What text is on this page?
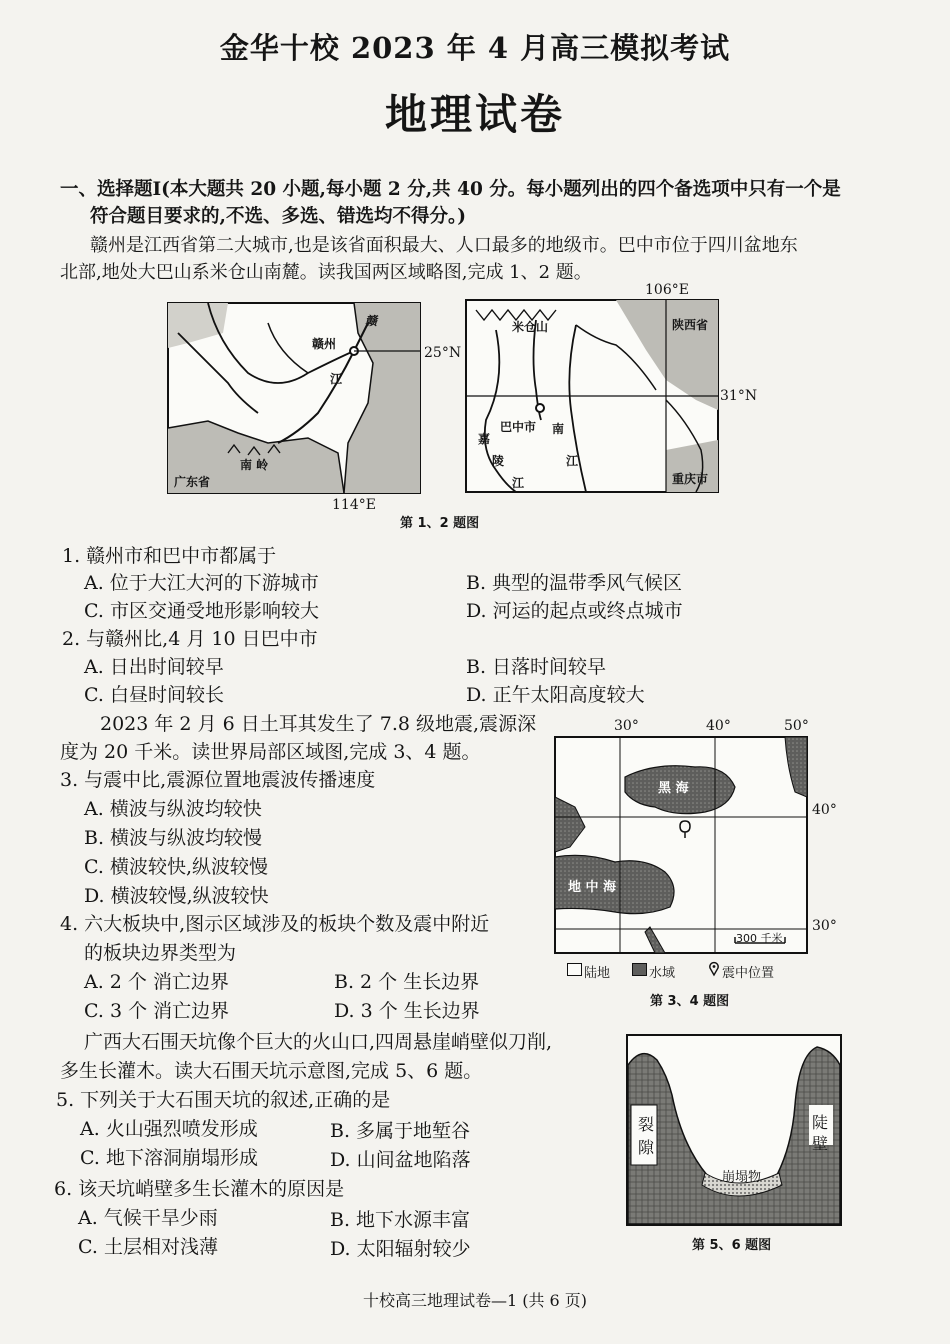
金华十校 2023 年 4 月高三模拟考试
地理试卷
一、选择题Ⅰ(本大题共 20 小题,每小题 2 分,共 40 分。每小题列出的四个备选项中只有一个是
符合题目要求的,不选、多选、错选均不得分。)
赣州是江西省第二大城市,也是该省面积最大、人口最多的地级市。巴中市位于四川盆地东
北部,地处大巴山系米仓山南麓。读我国两区域略图,完成 1、2 题。
赣州
赣
江
南 岭
广东省
25°N
114°E
米仓山	陕西省
巴中市
嘉
陵
江
南
江
重庆市
31°N
106°E
第 1、2 题图
1. 赣州市和巴中市都属于
A. 位于大江大河的下游城市	B. 典型的温带季风气候区
C. 市区交通受地形影响较大	D. 河运的起点或终点城市
2. 与赣州比,4 月 10 日巴中市
A. 日出时间较早	B. 日落时间较早
C. 白昼时间较长	D. 正午太阳高度较大
2023 年 2 月 6 日土耳其发生了 7.8 级地震,震源深
度为 20 千米。读世界局部区域图,完成 3、4 题。
3. 与震中比,震源位置地震波传播速度
A. 横波与纵波均较快
B. 横波与纵波均较慢
C. 横波较快,纵波较慢
D. 横波较慢,纵波较快
4. 六大板块中,图示区域涉及的板块个数及震中附近
的板块边界类型为
A. 2 个 消亡边界	B. 2 个 生长边界
C. 3 个 消亡边界	D. 3 个 生长边界
30°	40°	50°
40°
30°
黑 海
地 中 海
300 千米
陆地	水域	震中位置
第 3、4 题图
广西大石围天坑像个巨大的火山口,四周悬崖峭壁似刀削,
多生长灌木。读大石围天坑示意图,完成 5、6 题。
5. 下列关于大石围天坑的叙述,正确的是
A. 火山强烈喷发形成	B. 多属于地堑谷
C. 地下溶洞崩塌形成	D. 山间盆地陷落
6. 该天坑峭壁多生长灌木的原因是
A. 气候干旱少雨	B. 地下水源丰富
C. 土层相对浅薄	D. 太阳辐射较少
裂
隙
陡
壁
崩塌物
第 5、6 题图
十校高三地理试卷—1 (共 6 页)
